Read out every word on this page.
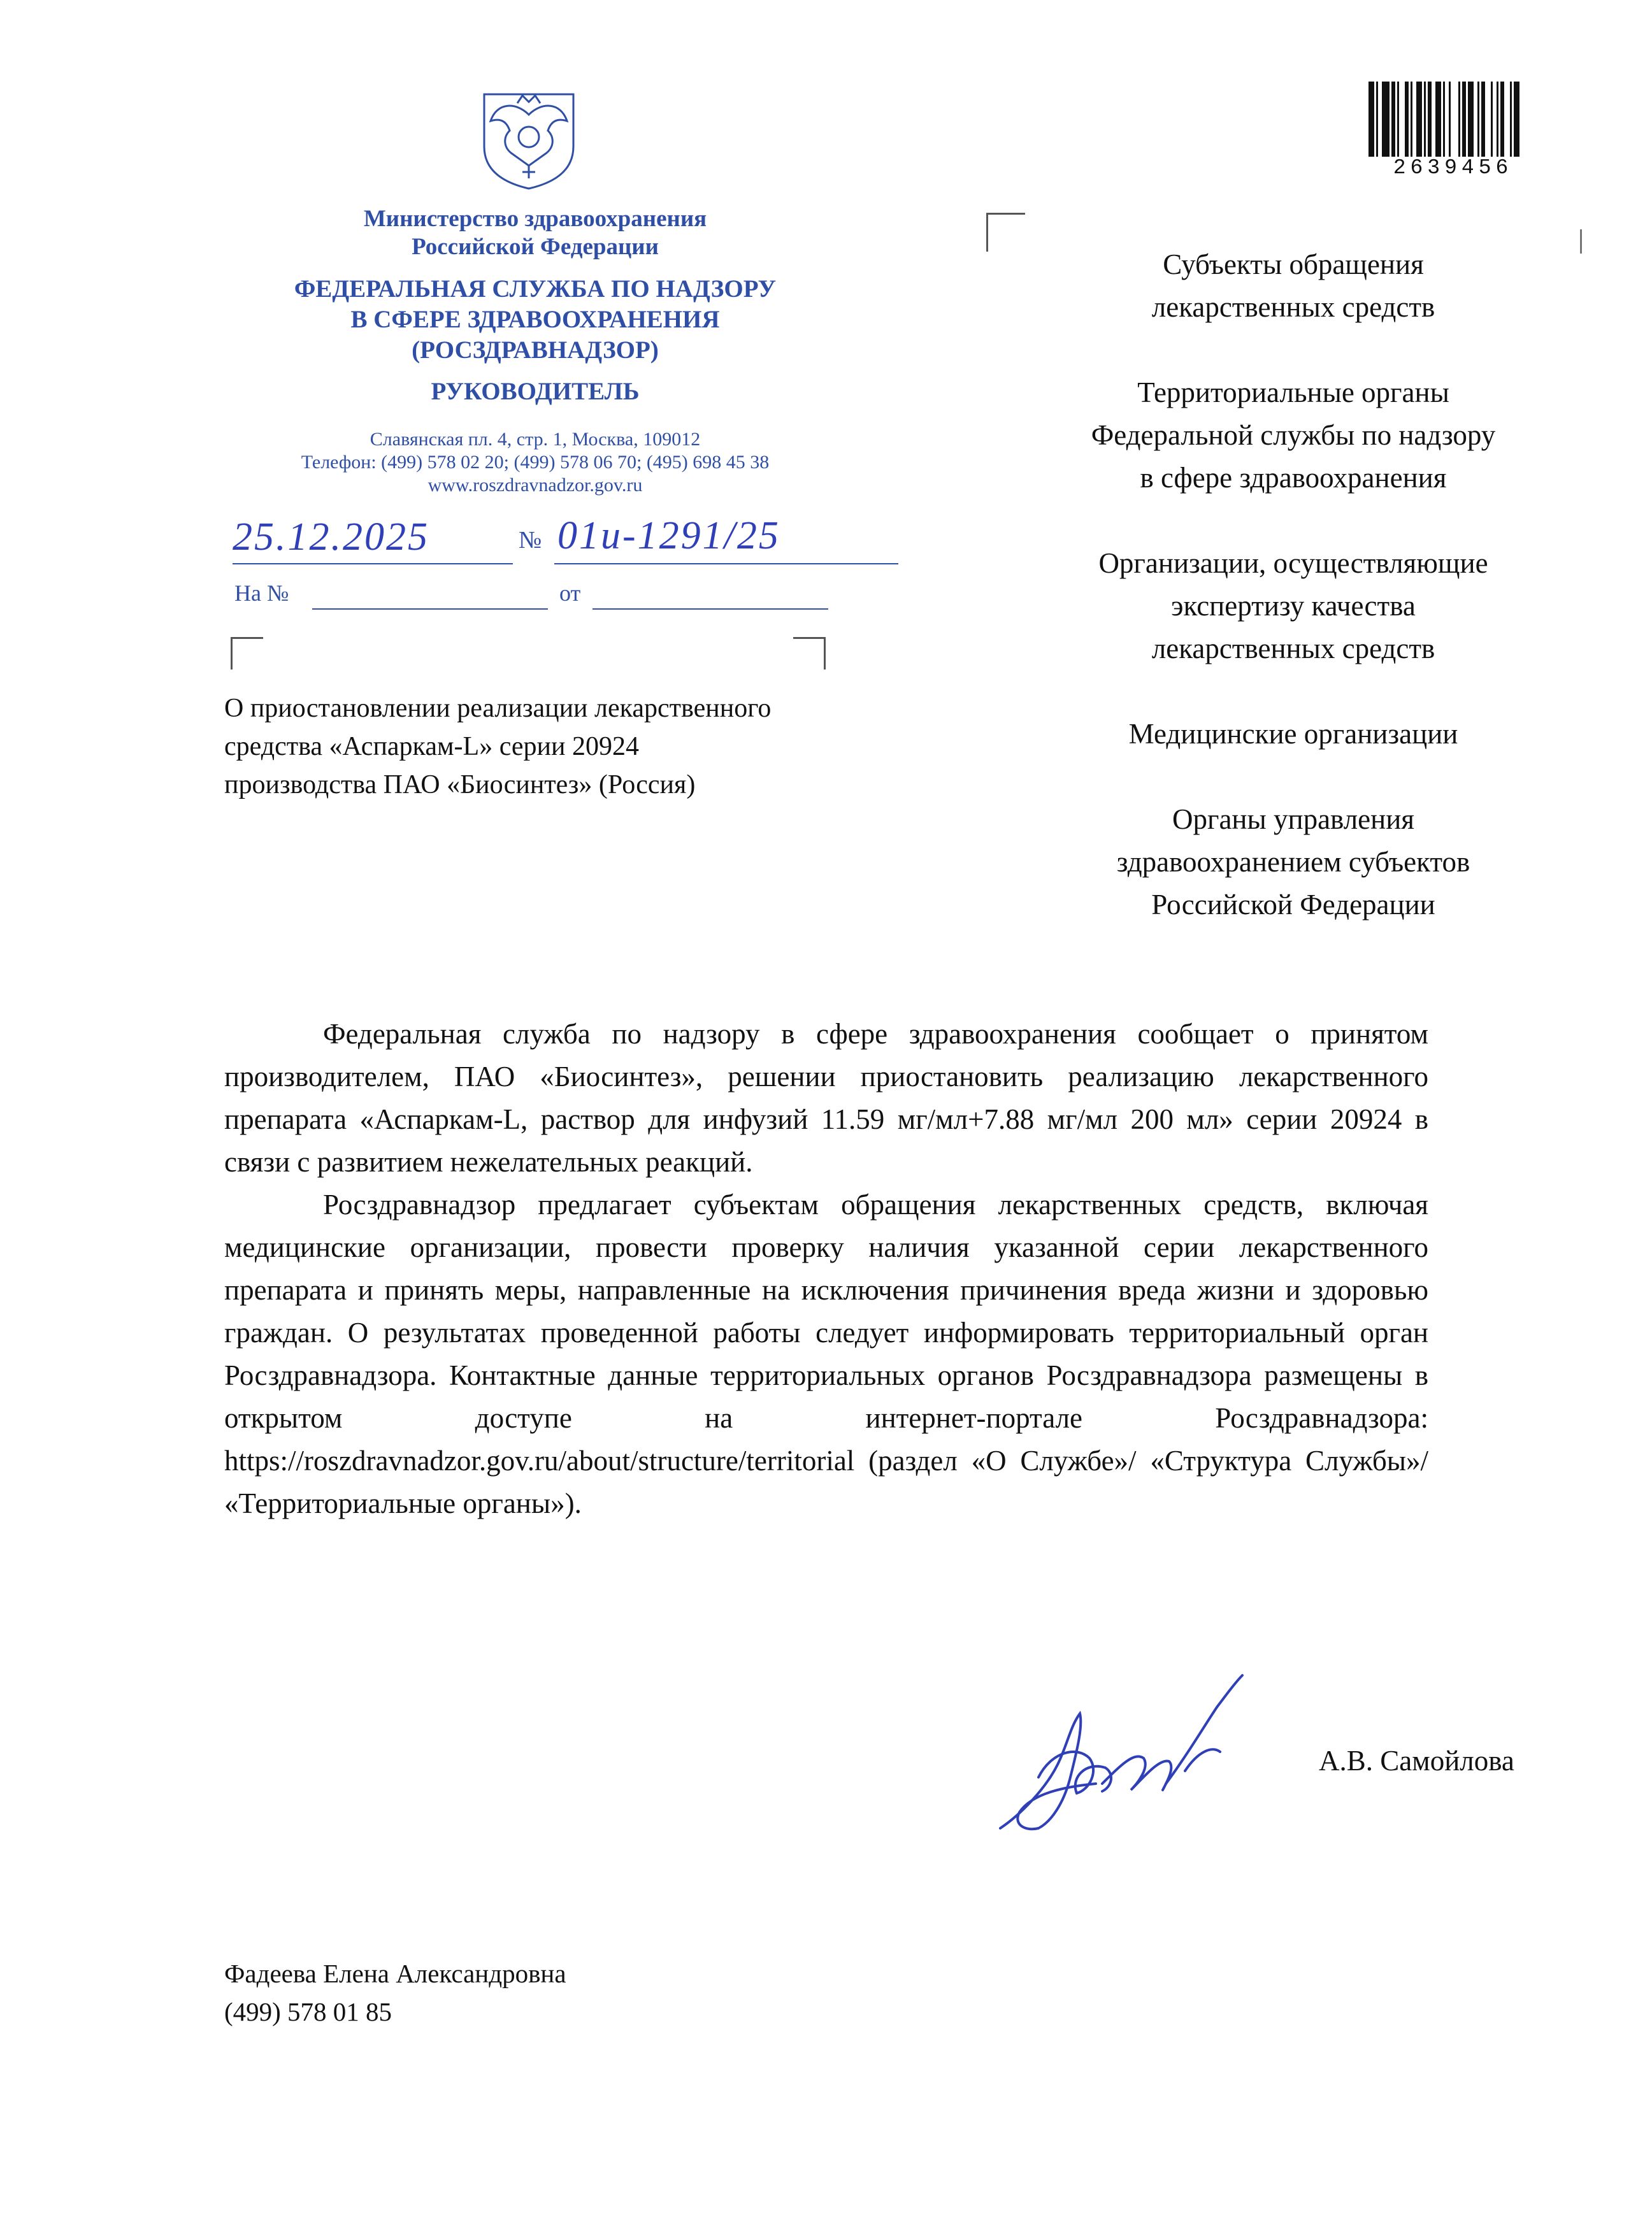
Министерство здравоохранения
Российской Федерации
ФЕДЕРАЛЬНАЯ СЛУЖБА ПО НАДЗОРУ
В СФЕРЕ ЗДРАВООХРАНЕНИЯ
(РОСЗДРАВНАДЗОР)
РУКОВОДИТЕЛЬ
Славянская пл. 4, стр. 1, Москва, 109012
Телефон: (499) 578 02 20; (499) 578 06 70; (495) 698 45 38
www.roszdravnadzor.gov.ru
25.12.2025	№ 01и-1291/25
На №	от
О приостановлении реализации лекарственного
средства «Аспаркам-L» серии 20924
производства ПАО «Биосинтез» (Россия)
2639456
Субъекты обращения
лекарственных средств
Территориальные органы
Федеральной службы по надзору
в сфере здравоохранения
Организации, осуществляющие
экспертизу качества
лекарственных средств
Медицинские организации
Органы управления
здравоохранением субъектов
Российской Федерации

Федеральная служба по надзору в сфере здравоохранения сообщает о принятом производителем, ПАО «Биосинтез», решении приостановить реализацию лекарственного препарата «Аспаркам-L, раствор для инфузий 11.59 мг/мл+7.88 мг/мл 200 мл» серии 20924 в связи с развитием нежелательных реакций.

Росздравнадзор предлагает субъектам обращения лекарственных средств, включая медицинские организации, провести проверку наличия указанной серии лекарственного препарата и принять меры, направленные на исключения причинения вреда жизни и здоровью граждан. О результатах проведенной работы следует информировать территориальный орган Росздравнадзора. Контактные данные территориальных органов Росздравнадзора размещены в открытом доступе на интернет-портале Росздравнадзора: https://roszdravnadzor.gov.ru/about/structure/territorial (раздел «О Службе»/ «Структура Службы»/ «Территориальные органы»).

А.В. Самойлова
Фадеева Елена Александровна
(499) 578 01 85
